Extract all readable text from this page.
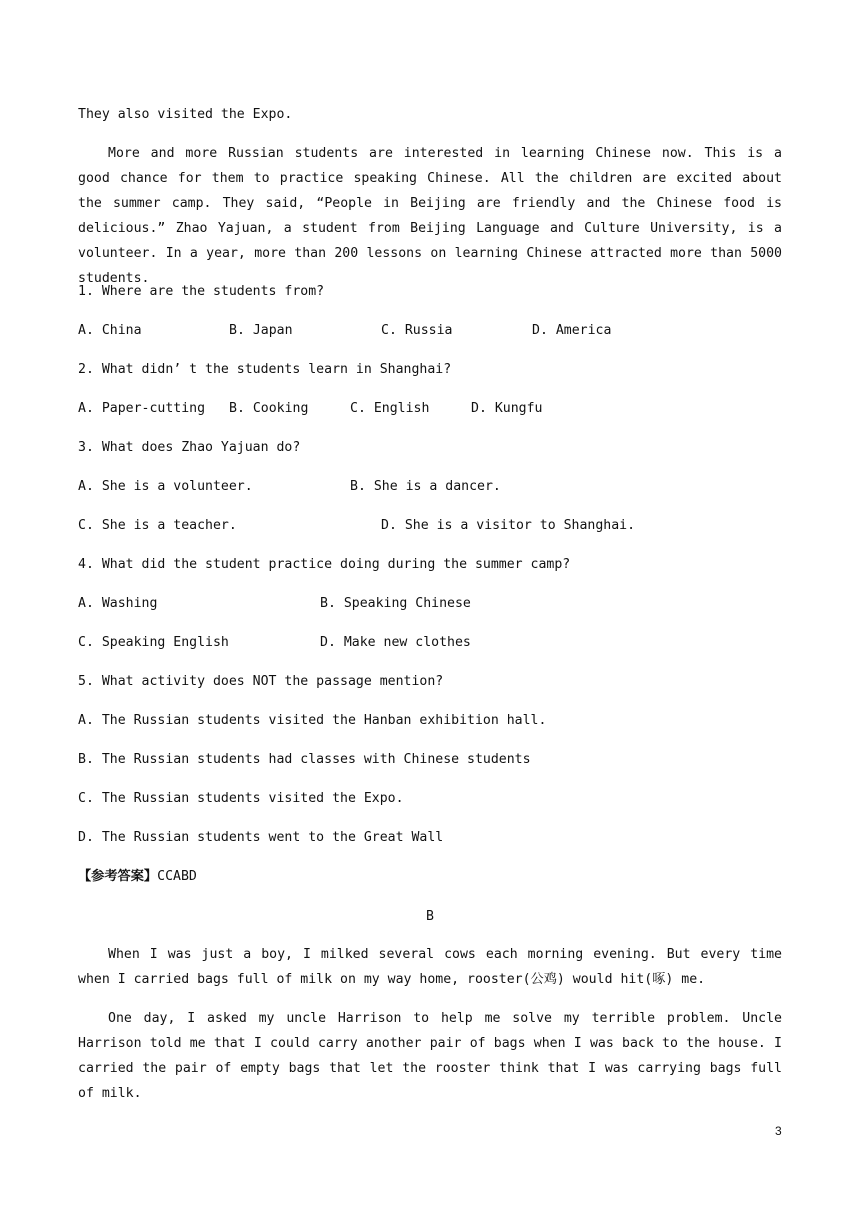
They also visited the Expo.
More and more Russian students are interested in learning Chinese now. This is a good chance for them to practice speaking Chinese. All the children are excited about the summer camp. They said, “People in Beijing are friendly and the Chinese food is delicious.” Zhao Yajuan, a student from Beijing Language and Culture University, is a volunteer. In a year, more than 200 lessons on learning Chinese attracted more than 5000 students.
1. Where are the students from?
A. China	B. Japan	C. Russia	D. America
2. What didn’ t the students learn in Shanghai?
A. Paper-cutting B. Cooking	C. English	D. Kungfu
3. What does Zhao Yajuan do?
A. She is a volunteer.	B. She is a dancer.
C. She is a teacher.	D. She is a visitor to Shanghai.
4. What did the student practice doing during the summer camp?
A. Washing	B. Speaking Chinese
C. Speaking English	D. Make new clothes
5. What activity does NOT the passage mention?
A. The Russian students visited the Hanban exhibition hall.
B. The Russian students had classes with Chinese students
C. The Russian students visited the Expo.
D. The Russian students went to the Great Wall
【参考答案】CCABD
B
When I was just a boy, I milked several cows each morning evening. But every time when I carried bags full of milk on my way home, rooster(公鸡) would hit(啄) me.
One day, I asked my uncle Harrison to help me solve my terrible problem. Uncle Harrison told me that I could carry another pair of bags when I was back to the house. I carried the pair of empty bags that let the rooster think that I was carrying bags full of milk.
3
